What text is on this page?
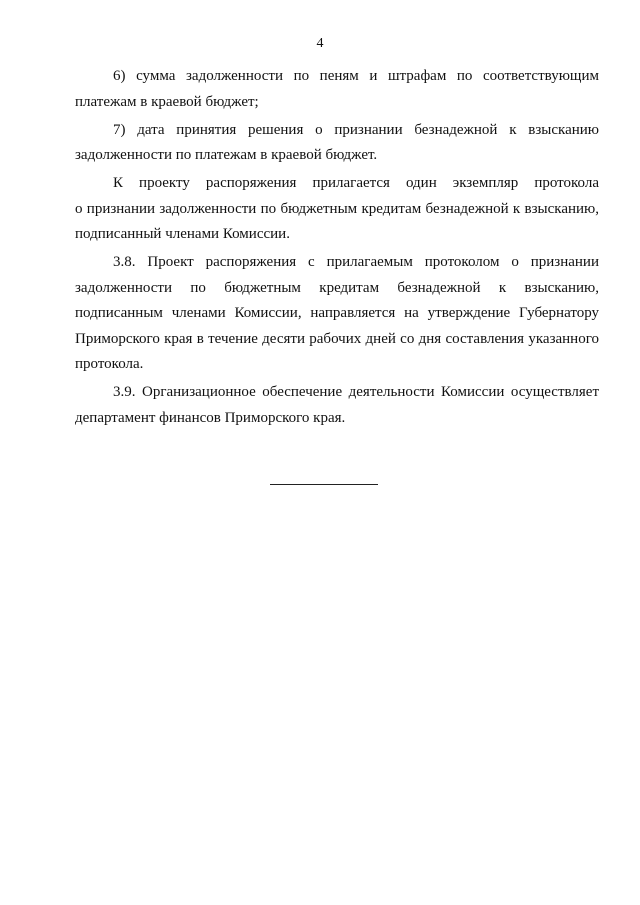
4
6) сумма задолженности по пеням и штрафам по соответствующим
платежам в краевой бюджет;
7) дата принятия решения о признании безнадежной к взысканию
задолженности по платежам в краевой бюджет.
К проекту распоряжения прилагается один экземпляр протокола
о признании задолженности по бюджетным кредитам безнадежной к взысканию,
подписанный членами Комиссии.
3.8. Проект распоряжения с прилагаемым протоколом о признании
задолженности по бюджетным кредитам безнадежной к взысканию,
подписанным членами Комиссии, направляется на утверждение Губернатору
Приморского края в течение десяти рабочих дней со дня составления указанного
протокола.
3.9. Организационное обеспечение деятельности Комиссии осуществляет
департамент финансов Приморского края.
